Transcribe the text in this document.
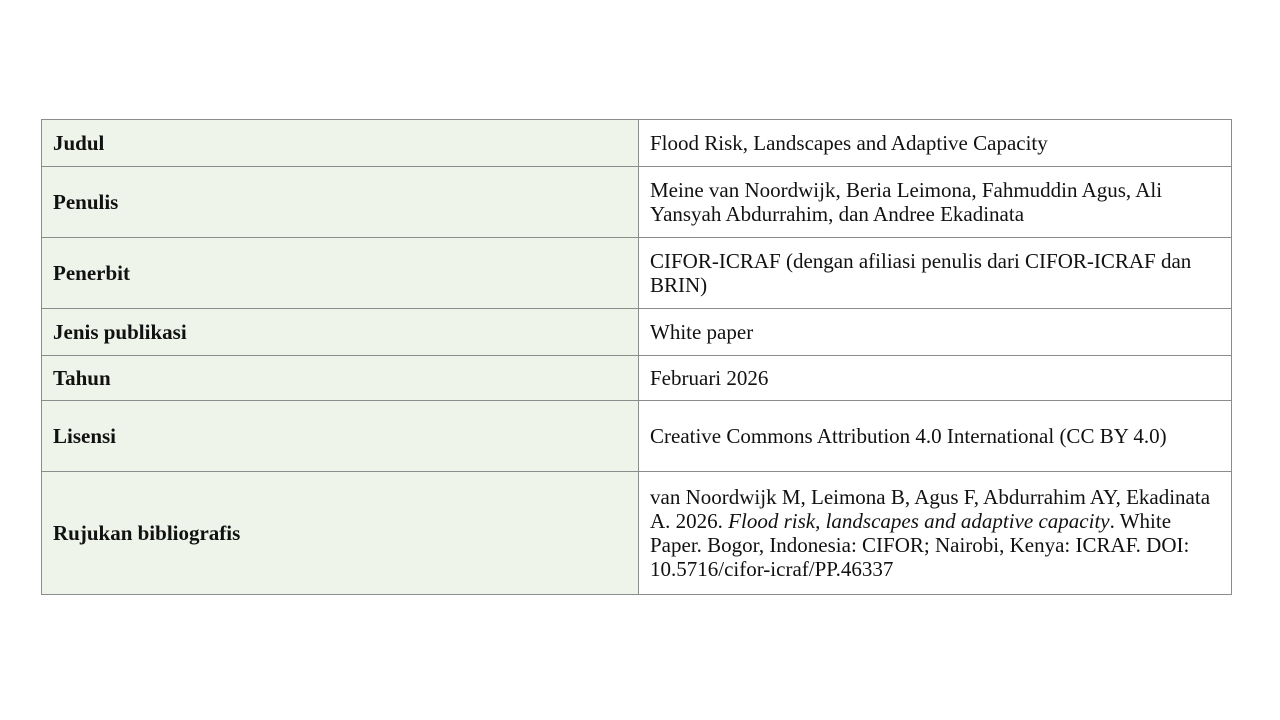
Judul	Flood Risk, Landscapes and Adaptive Capacity

Penulis	Meine van Noordwijk, Beria Leimona, Fahmuddin Agus, Ali Yansyah Abdurrahim, dan Andree Ekadinata

Penerbit	CIFOR-ICRAF (dengan afiliasi penulis dari CIFOR-ICRAF dan BRIN)

Jenis publikasi	White paper

Tahun	Februari 2026

Lisensi	Creative Commons Attribution 4.0 International (CC BY 4.0)

Rujukan bibliografis	van Noordwijk M, Leimona B, Agus F, Abdurrahim AY, Ekadinata A. 2026. Flood risk, landscapes and adaptive capacity. White Paper. Bogor, Indonesia: CIFOR; Nairobi, Kenya: ICRAF. DOI: 10.5716/cifor-icraf/PP.46337
